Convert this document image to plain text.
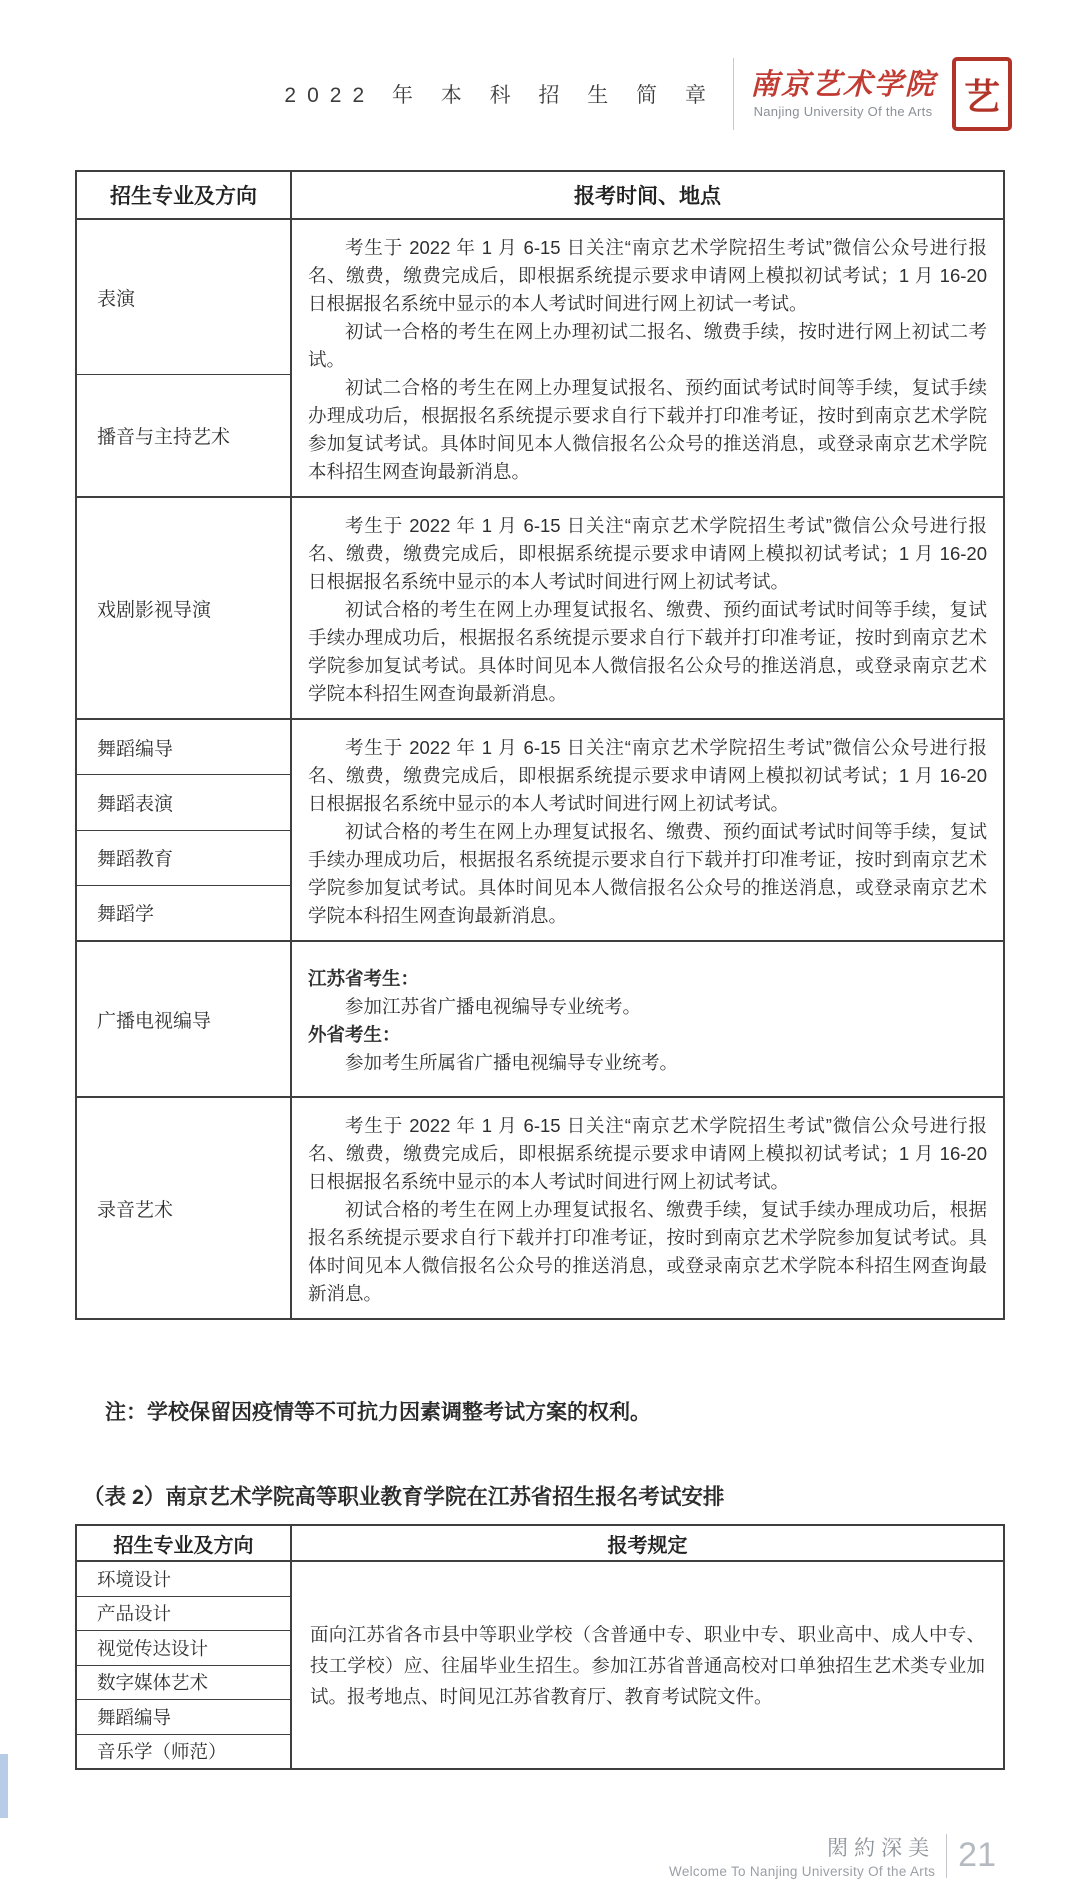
2022 年 本 科 招 生 简 章 南京艺术学院
Nanjing University Of the Arts 艺
招生专业及方向	报考时间、地点
表演
播音与主持艺术

考生于 2022 年 1 月 6-15 日关注“南京艺术学院招生考试”微信公众号进行报名、缴费，缴费完成后，即根据系统提示要求申请网上模拟初试考试；1 月 16-20 日根据报名系统中显示的本人考试时间进行网上初试一考试。

初试一合格的考生在网上办理初试二报名、缴费手续，按时进行网上初试二考试。

初试二合格的考生在网上办理复试报名、预约面试考试时间等手续，复试手续办理成功后，根据报名系统提示要求自行下载并打印准考证，按时到南京艺术学院参加复试考试。具体时间见本人微信报名公众号的推送消息，或登录南京艺术学院本科招生网查询最新消息。

戏剧影视导演

考生于 2022 年 1 月 6-15 日关注“南京艺术学院招生考试”微信公众号进行报名、缴费，缴费完成后，即根据系统提示要求申请网上模拟初试考试；1 月 16-20 日根据报名系统中显示的本人考试时间进行网上初试考试。

初试合格的考生在网上办理复试报名、缴费、预约面试考试时间等手续，复试手续办理成功后，根据报名系统提示要求自行下载并打印准考证，按时到南京艺术学院参加复试考试。具体时间见本人微信报名公众号的推送消息，或登录南京艺术学院本科招生网查询最新消息。

舞蹈编导
舞蹈表演
舞蹈教育
舞蹈学

考生于 2022 年 1 月 6-15 日关注“南京艺术学院招生考试”微信公众号进行报名、缴费，缴费完成后，即根据系统提示要求申请网上模拟初试考试；1 月 16-20 日根据报名系统中显示的本人考试时间进行网上初试考试。

初试合格的考生在网上办理复试报名、缴费、预约面试考试时间等手续，复试手续办理成功后，根据报名系统提示要求自行下载并打印准考证，按时到南京艺术学院参加复试考试。具体时间见本人微信报名公众号的推送消息，或登录南京艺术学院本科招生网查询最新消息。

广播电视编导

江苏省考生：

参加江苏省广播电视编导专业统考。

外省考生：

参加考生所属省广播电视编导专业统考。

录音艺术

考生于 2022 年 1 月 6-15 日关注“南京艺术学院招生考试”微信公众号进行报名、缴费，缴费完成后，即根据系统提示要求申请网上模拟初试考试；1 月 16-20 日根据报名系统中显示的本人考试时间进行网上初试考试。

初试合格的考生在网上办理复试报名、缴费手续，复试手续办理成功后，根据报名系统提示要求自行下载并打印准考证，按时到南京艺术学院参加复试考试。具体时间见本人微信报名公众号的推送消息，或登录南京艺术学院本科招生网查询最新消息。

注：学校保留因疫情等不可抗力因素调整考试方案的权利。
（表 2）南京艺术学院高等职业教育学院在江苏省招生报名考试安排
招生专业及方向	报考规定
环境设计
产品设计
视觉传达设计
数字媒体艺术
舞蹈编导
音乐学（师范）

面向江苏省各市县中等职业学校（含普通中专、职业中专、职业高中、成人中专、技工学校）应、往届毕业生招生。参加江苏省普通高校对口单独招生艺术类专业加试。报考地点、时间见江苏省教育厅、教育考试院文件。

閎約深美
Welcome To Nanjing University Of the Arts 21
